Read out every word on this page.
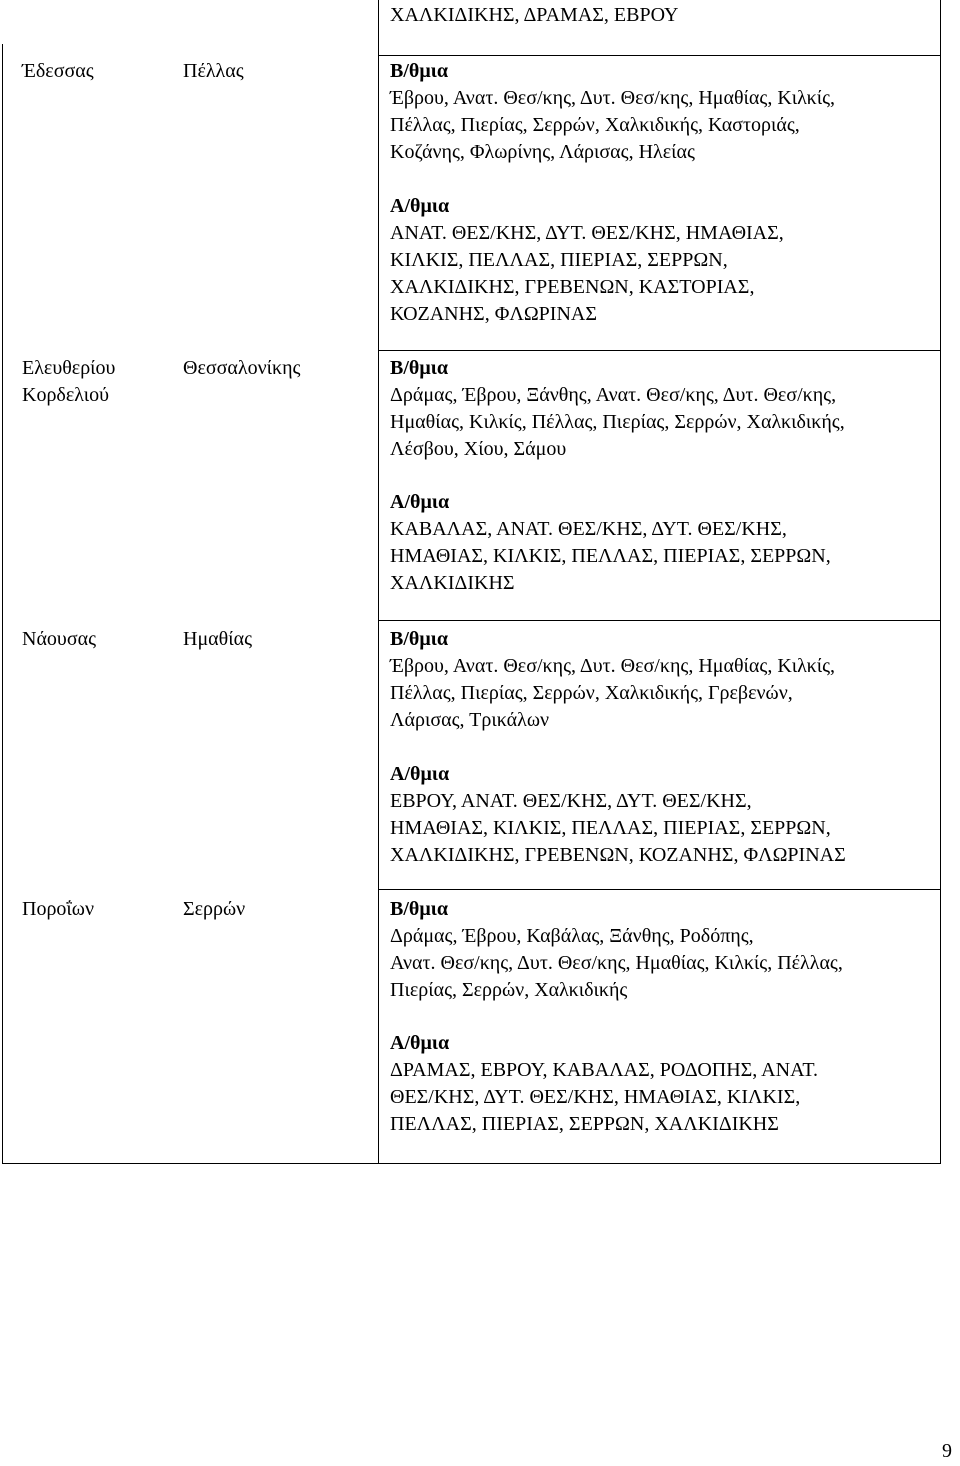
ΧΑΛΚΙΔΙΚΗΣ, ΔΡΑΜΑΣ, ΕΒΡΟΥ
Έδεσσας	Πέλλας	Β/θμια
Έβρου, Ανατ. Θεσ/κης, Δυτ. Θεσ/κης, Ημαθίας, Κιλκίς,
Πέλλας, Πιερίας, Σερρών, Χαλκιδικής, Καστοριάς,
Κοζάνης, Φλωρίνης, Λάρισας, Ηλείας
Α/θμια
ΑΝΑΤ. ΘΕΣ/ΚΗΣ, ΔΥΤ. ΘΕΣ/ΚΗΣ, ΗΜΑΘΙΑΣ,
ΚΙΛΚΙΣ, ΠΕΛΛΑΣ, ΠΙΕΡΙΑΣ, ΣΕΡΡΩΝ,
ΧΑΛΚΙΔΙΚΗΣ, ΓΡΕΒΕΝΩΝ, ΚΑΣΤΟΡΙΑΣ,
ΚΟΖΑΝΗΣ, ΦΛΩΡΙΝΑΣ
Ελευθερίου
Κορδελιού
Θεσσαλονίκης	Β/θμια
Δράμας, Έβρου, Ξάνθης, Ανατ. Θεσ/κης, Δυτ. Θεσ/κης,
Ημαθίας, Κιλκίς, Πέλλας, Πιερίας, Σερρών, Χαλκιδικής,
Λέσβου, Χίου, Σάμου
Α/θμια
ΚΑΒΑΛΑΣ, ΑΝΑΤ. ΘΕΣ/ΚΗΣ, ΔΥΤ. ΘΕΣ/ΚΗΣ,
ΗΜΑΘΙΑΣ, ΚΙΛΚΙΣ, ΠΕΛΛΑΣ, ΠΙΕΡΙΑΣ, ΣΕΡΡΩΝ,
ΧΑΛΚΙΔΙΚΗΣ
Νάουσας	Ημαθίας	Β/θμια
Έβρου, Ανατ. Θεσ/κης, Δυτ. Θεσ/κης, Ημαθίας, Κιλκίς,
Πέλλας, Πιερίας, Σερρών, Χαλκιδικής, Γρεβενών,
Λάρισας, Τρικάλων
Α/θμια
ΕΒΡΟΥ, ΑΝΑΤ. ΘΕΣ/ΚΗΣ, ΔΥΤ. ΘΕΣ/ΚΗΣ,
ΗΜΑΘΙΑΣ, ΚΙΛΚΙΣ, ΠΕΛΛΑΣ, ΠΙΕΡΙΑΣ, ΣΕΡΡΩΝ,
ΧΑΛΚΙΔΙΚΗΣ, ΓΡΕΒΕΝΩΝ, ΚΟΖΑΝΗΣ, ΦΛΩΡΙΝΑΣ
Ποροΐων	Σερρών	Β/θμια
Δράμας, Έβρου, Καβάλας, Ξάνθης, Ροδόπης,
Ανατ. Θεσ/κης, Δυτ. Θεσ/κης, Ημαθίας, Κιλκίς, Πέλλας,
Πιερίας, Σερρών, Χαλκιδικής
Α/θμια
ΔΡΑΜΑΣ, ΕΒΡΟΥ, ΚΑΒΑΛΑΣ, ΡΟΔΟΠΗΣ, ΑΝΑΤ.
ΘΕΣ/ΚΗΣ, ΔΥΤ. ΘΕΣ/ΚΗΣ, ΗΜΑΘΙΑΣ, ΚΙΛΚΙΣ,
ΠΕΛΛΑΣ, ΠΙΕΡΙΑΣ, ΣΕΡΡΩΝ, ΧΑΛΚΙΔΙΚΗΣ
9
